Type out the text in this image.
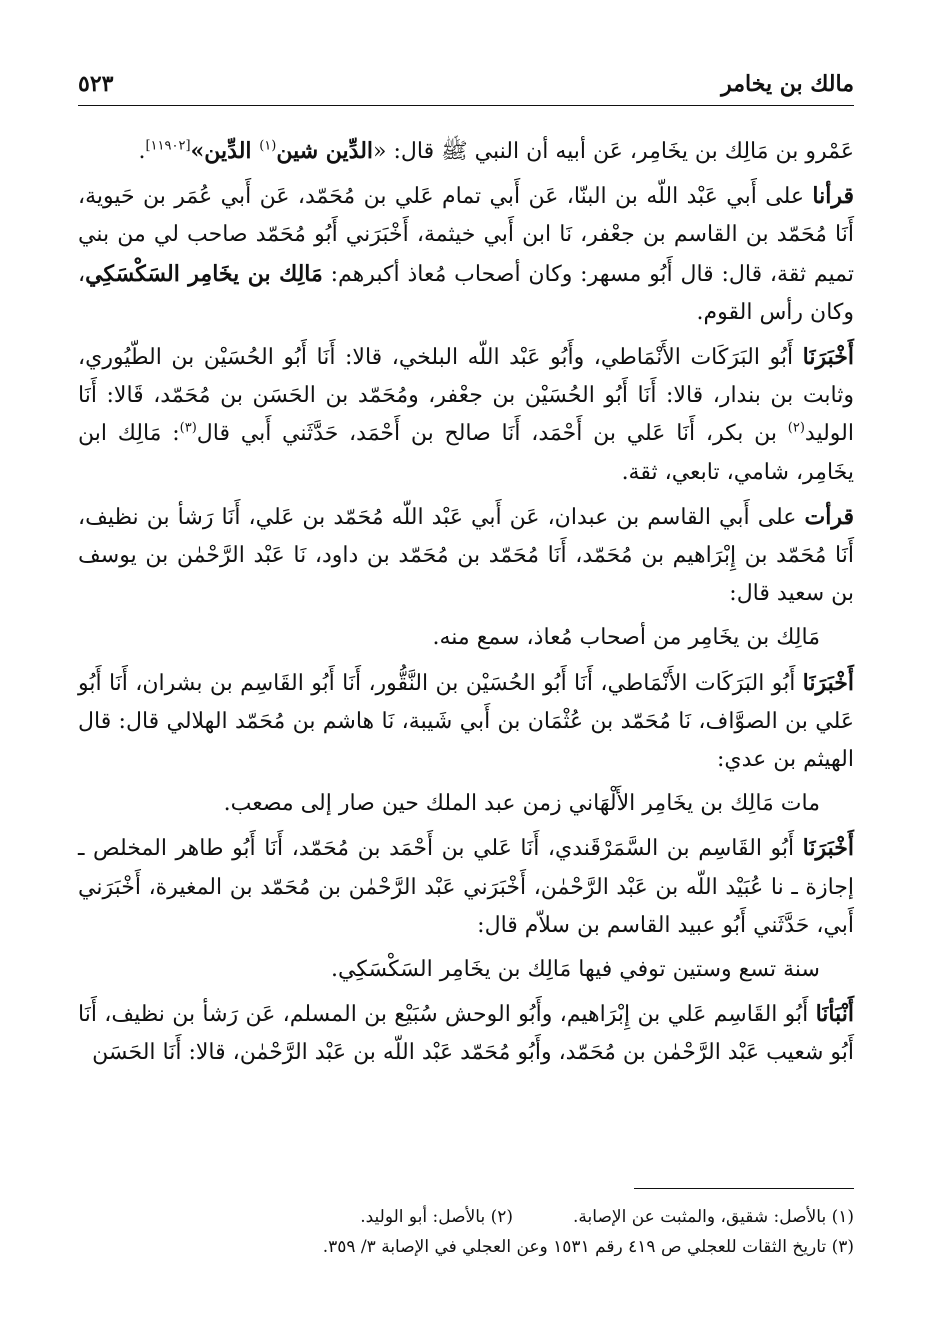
مالك بن يخامر
٥٢٣

عَمْرو بن مَالِك بن يخَامِر، عَن أبيه أن النبي ﷺ قال: «الدِّين شين$^{(١)}$ الدِّين»[١١٩٠٢].

قرأنا على أَبي عَبْد اللّه بن البنّا، عَن أَبي تمام عَلي بن مُحَمّد، عَن أَبي عُمَر بن حَيوية، أَنَا مُحَمّد بن القاسم بن جعْفر، نَا ابن أَبي خيثمة، أَخْبَرَني أَبُو مُحَمّد صاحب لي من بني تميم ثقة، قال: قال أَبُو مسهر: وكان أصحاب مُعاذ أكبرهم: مَالِك بن يخَامِر السَكْسَكِي، وكان رأس القوم.

أَخْبَرَنَا أَبُو البَرَكَات الأَنْمَاطي، وأَبُو عَبْد اللّه البلخي، قالا: أَنَا أَبُو الحُسَيْن بن الطّيُوري، وثابت بن بندار، قالا: أَنَا أَبُو الحُسَيْن بن جعْفر، ومُحَمّد بن الحَسَن بن مُحَمّد، قَالا: أَنَا الوليد$^{(٢)}$ بن بكر، أَنَا عَلي بن أَحْمَد، أَنَا صالح بن أَحْمَد، حَدَّثَني أَبي قال$^{(٣)}$: مَالِك ابن يخَامِر، شامي، تابعي، ثقة.

قرأت على أَبي القاسم بن عبدان، عَن أَبي عَبْد اللّه مُحَمّد بن عَلي، أَنَا رَشأ بن نظيف، أَنَا مُحَمّد بن إِبْرَاهيم بن مُحَمّد، أَنَا مُحَمّد بن مُحَمّد بن داود، نَا عَبْد الرَّحْمٰن بن يوسف بن سعيد قال:

مَالِك بن يخَامِر من أصحاب مُعاذ، سمع منه.

أَخْبَرَنَا أَبُو البَرَكَات الأَنْمَاطي، أَنَا أَبُو الحُسَيْن بن النَّقُّور، أَنَا أَبُو القَاسِم بن بشران، أَنَا أَبُو عَلي بن الصوَّاف، نَا مُحَمّد بن عُثْمَان بن أَبي شَيبة، نَا هاشم بن مُحَمّد الهلالي قال: قال الهيثم بن عدي:

مات مَالِك بن يخَامِر الأَلْهَاني زمن عبد الملك حين صار إلى مصعب.

أَخْبَرَنَا أَبُو القَاسِم بن السَّمَرْقَندي، أَنَا عَلي بن أَحْمَد بن مُحَمّد، أَنَا أَبُو طاهر المخلص ـ إجازة ـ نا عُبَيْد اللّه بن عَبْد الرَّحْمٰن، أَخْبَرَني عَبْد الرَّحْمٰن بن مُحَمّد بن المغيرة، أَخْبَرَني أَبي، حَدَّثَني أَبُو عبيد القاسم بن سلاّم قال:

سنة تسع وستين توفي فيها مَالِك بن يخَامِر السَكْسَكِي.

أَنْبَأنَا أَبُو القَاسِم عَلي بن إِبْرَاهيم، وأَبُو الوحش سُبَيْع بن المسلم، عَن رَشأ بن نظيف، أَنَا أَبُو شعيب عَبْد الرَّحْمٰن بن مُحَمّد، وأَبُو مُحَمّد عَبْد اللّه بن عَبْد الرَّحْمٰن، قالا: أَنَا الحَسَن

(١) بالأصل: شقيق، والمثبت عن الإصابة.
(٢) بالأصل: أبو الوليد.
(٣) تاريخ الثقات للعجلي ص ٤١٩ رقم ١٥٣١ وعن العجلي في الإصابة ٣/ ٣٥٩.
